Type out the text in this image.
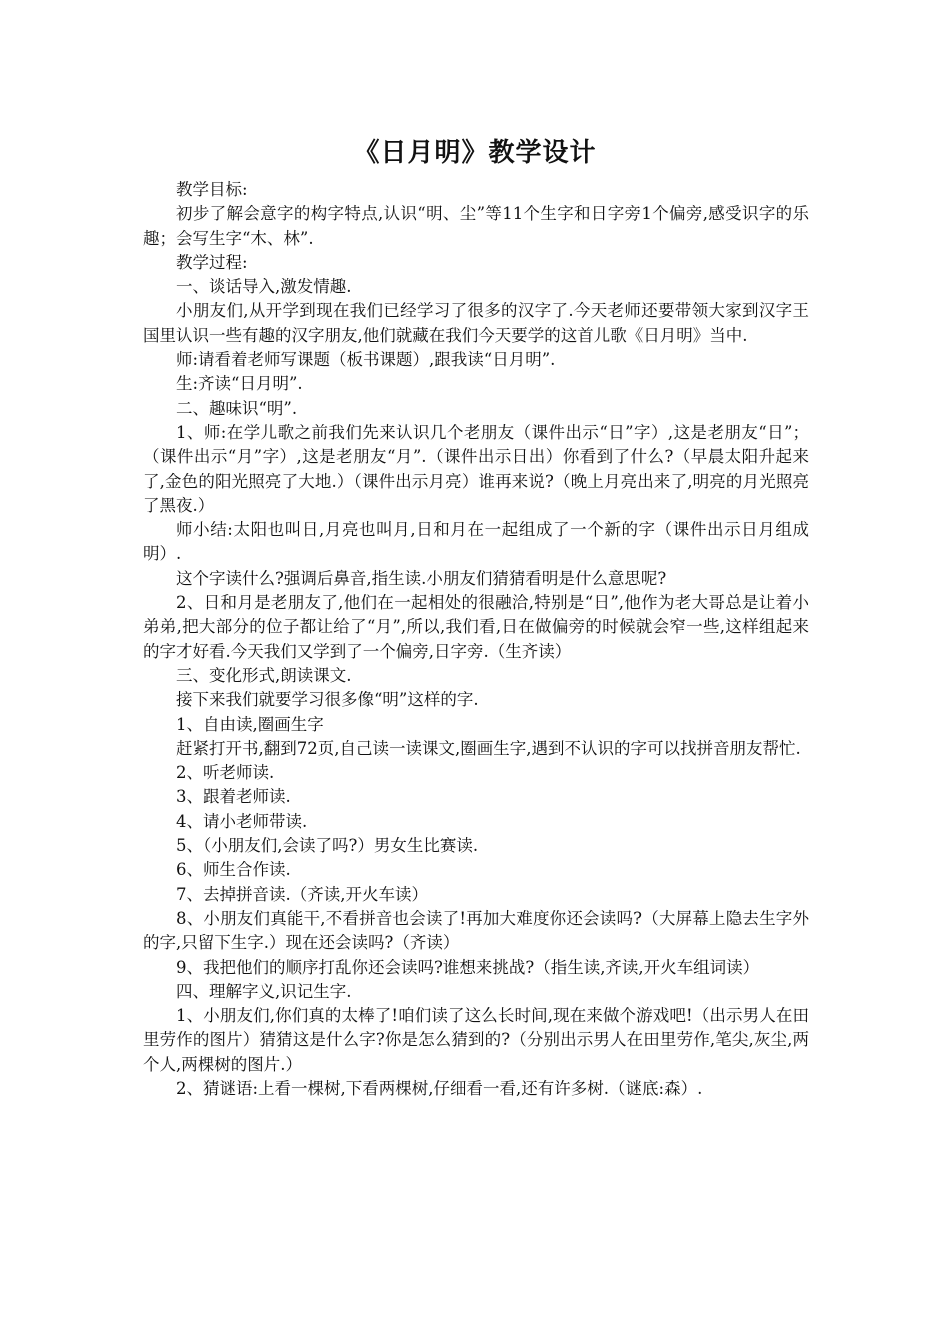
《日月明》教学设计

教学目标:

初步了解会意字的构字特点,认识“明、尘”等11个生字和日字旁1个偏旁,感受识字的乐趣；会写生字“木、林”.

教学过程:

一、谈话导入,激发情趣.

小朋友们,从开学到现在我们已经学习了很多的汉字了.今天老师还要带领大家到汉字王国里认识一些有趣的汉字朋友,他们就藏在我们今天要学的这首儿歌《日月明》当中.

师:请看着老师写课题（板书课题）,跟我读“日月明”.

生:齐读“日月明”.

二、趣味识“明”.

1、师:在学儿歌之前我们先来认识几个老朋友（课件出示“日”字）,这是老朋友“日”；（课件出示“月”字）,这是老朋友“月”.（课件出示日出）你看到了什么?（早晨太阳升起来了,金色的阳光照亮了大地.）（课件出示月亮）谁再来说?（晚上月亮出来了,明亮的月光照亮了黑夜.）

师小结:太阳也叫日,月亮也叫月,日和月在一起组成了一个新的字（课件出示日月组成明）.

这个字读什么?强调后鼻音,指生读.小朋友们猜猜看明是什么意思呢?

2、日和月是老朋友了,他们在一起相处的很融洽,特别是“日”,他作为老大哥总是让着小弟弟,把大部分的位子都让给了“月”,所以,我们看,日在做偏旁的时候就会窄一些,这样组起来的字才好看.今天我们又学到了一个偏旁,日字旁.（生齐读）

三、变化形式,朗读课文.

接下来我们就要学习很多像“明”这样的字.

1、自由读,圈画生字

赶紧打开书,翻到72页,自己读一读课文,圈画生字,遇到不认识的字可以找拼音朋友帮忙.

2、听老师读.

3、跟着老师读.

4、请小老师带读.

5、（小朋友们,会读了吗?）男女生比赛读.

6、师生合作读.

7、去掉拼音读.（齐读,开火车读）

8、小朋友们真能干,不看拼音也会读了!再加大难度你还会读吗?（大屏幕上隐去生字外的字,只留下生字.）现在还会读吗?（齐读）

9、我把他们的顺序打乱你还会读吗?谁想来挑战?（指生读,齐读,开火车组词读）

四、理解字义,识记生字.

1、小朋友们,你们真的太棒了!咱们读了这么长时间,现在来做个游戏吧!（出示男人在田里劳作的图片）猜猜这是什么字?你是怎么猜到的?（分别出示男人在田里劳作,笔尖,灰尘,两个人,两棵树的图片.）

2、猜谜语:上看一棵树,下看两棵树,仔细看一看,还有许多树.（谜底:森）.
